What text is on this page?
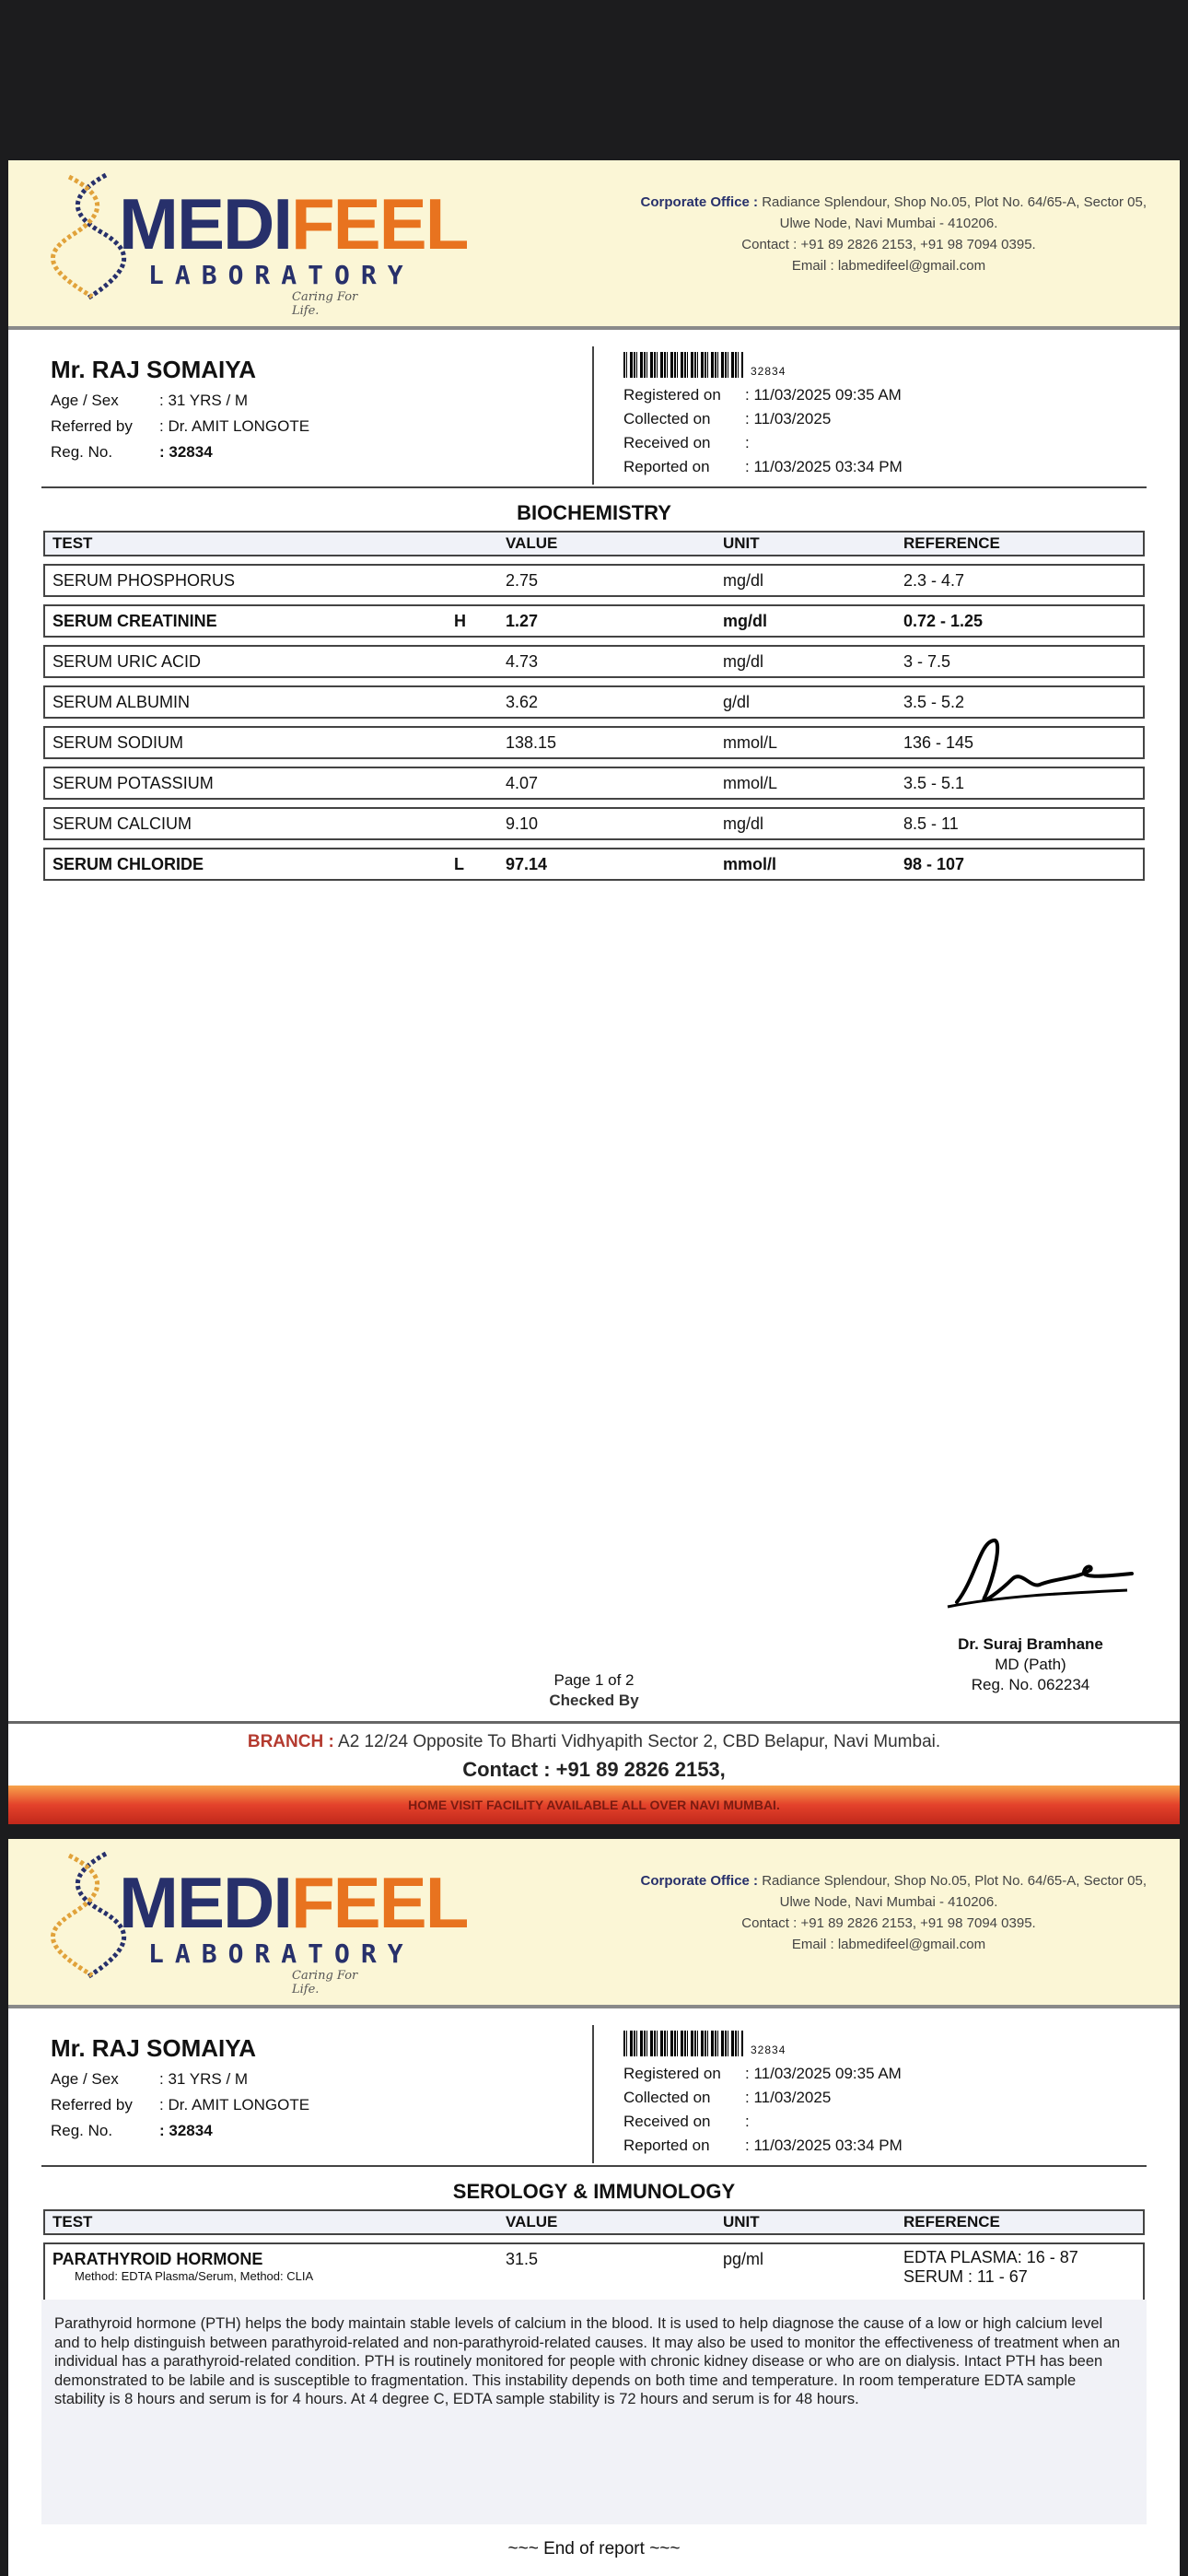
MEDIFEEL
LABORATORY
Caring For Life.
Corporate Office : Radiance Splendour, Shop No.05, Plot No. 64/65-A, Sector 05,
Ulwe Node, Navi Mumbai - 410206.
Contact : +91 89 2826 2153, +91 98 7094 0395.
Email : labmedifeel@gmail.com
Mr. RAJ SOMAIYA
Age / Sex	: 31 YRS / M
Referred by : Dr. AMIT LONGOTE
Reg. No.	: 32834
32834
Registered on : 11/03/2025 09:35 AM
Collected on : 11/03/2025
Received on :
Reported on : 11/03/2025 03:34 PM
BIOCHEMISTRY
TEST		VALUE	UNIT	REFERENCE
SERUM PHOSPHORUS		2.75	mg/dl	2.3 - 4.7
SERUM CREATININE	H	1.27	mg/dl	0.72 - 1.25
SERUM URIC ACID		4.73	mg/dl	3 - 7.5
SERUM ALBUMIN		3.62	g/dl	3.5 - 5.2
SERUM SODIUM		138.15	mmol/L	136 - 145
SERUM POTASSIUM		4.07	mmol/L	3.5 - 5.1
SERUM CALCIUM		9.10	mg/dl	8.5 - 11
SERUM CHLORIDE	L	97.14	mmol/l	98 - 107
Dr. Suraj Bramhane
MD (Path)
Reg. No. 062234
Page 1 of 2
Checked By
BRANCH : A2 12/24 Opposite To Bharti Vidhyapith Sector 2, CBD Belapur, Navi Mumbai.
Contact : +91 89 2826 2153,
HOME VISIT FACILITY AVAILABLE ALL OVER NAVI MUMBAI.
MEDIFEEL
LABORATORY
Caring For Life.
Corporate Office : Radiance Splendour, Shop No.05, Plot No. 64/65-A, Sector 05,
Ulwe Node, Navi Mumbai - 410206.
Contact : +91 89 2826 2153, +91 98 7094 0395.
Email : labmedifeel@gmail.com
Mr. RAJ SOMAIYA
Age / Sex	: 31 YRS / M
Referred by : Dr. AMIT LONGOTE
Reg. No.	: 32834
32834
Registered on : 11/03/2025 09:35 AM
Collected on : 11/03/2025
Received on :
Reported on : 11/03/2025 03:34 PM
SEROLOGY & IMMUNOLOGY
TEST		VALUE	UNIT	REFERENCE
PARATHYROID HORMONE
Method: EDTA Plasma/Serum, Method: CLIA		31.5	pg/ml	EDTA PLASMA: 16 - 87
SERUM : 11 - 67
Parathyroid hormone (PTH) helps the body maintain stable levels of calcium in the blood. It is used to help diagnose the cause of a low or high calcium level and to help distinguish between parathyroid-related and non-parathyroid-related causes. It may also be used to monitor the effectiveness of treatment when an individual has a parathyroid-related condition. PTH is routinely monitored for people with chronic kidney disease or who are on dialysis. Intact PTH has been demonstrated to be labile and is susceptible to fragmentation. This instability depends on both time and temperature. In room temperature EDTA sample stability is 8 hours and serum is for 4 hours. At 4 degree C, EDTA sample stability is 72 hours and serum is for 48 hours.
~~~ End of report ~~~
